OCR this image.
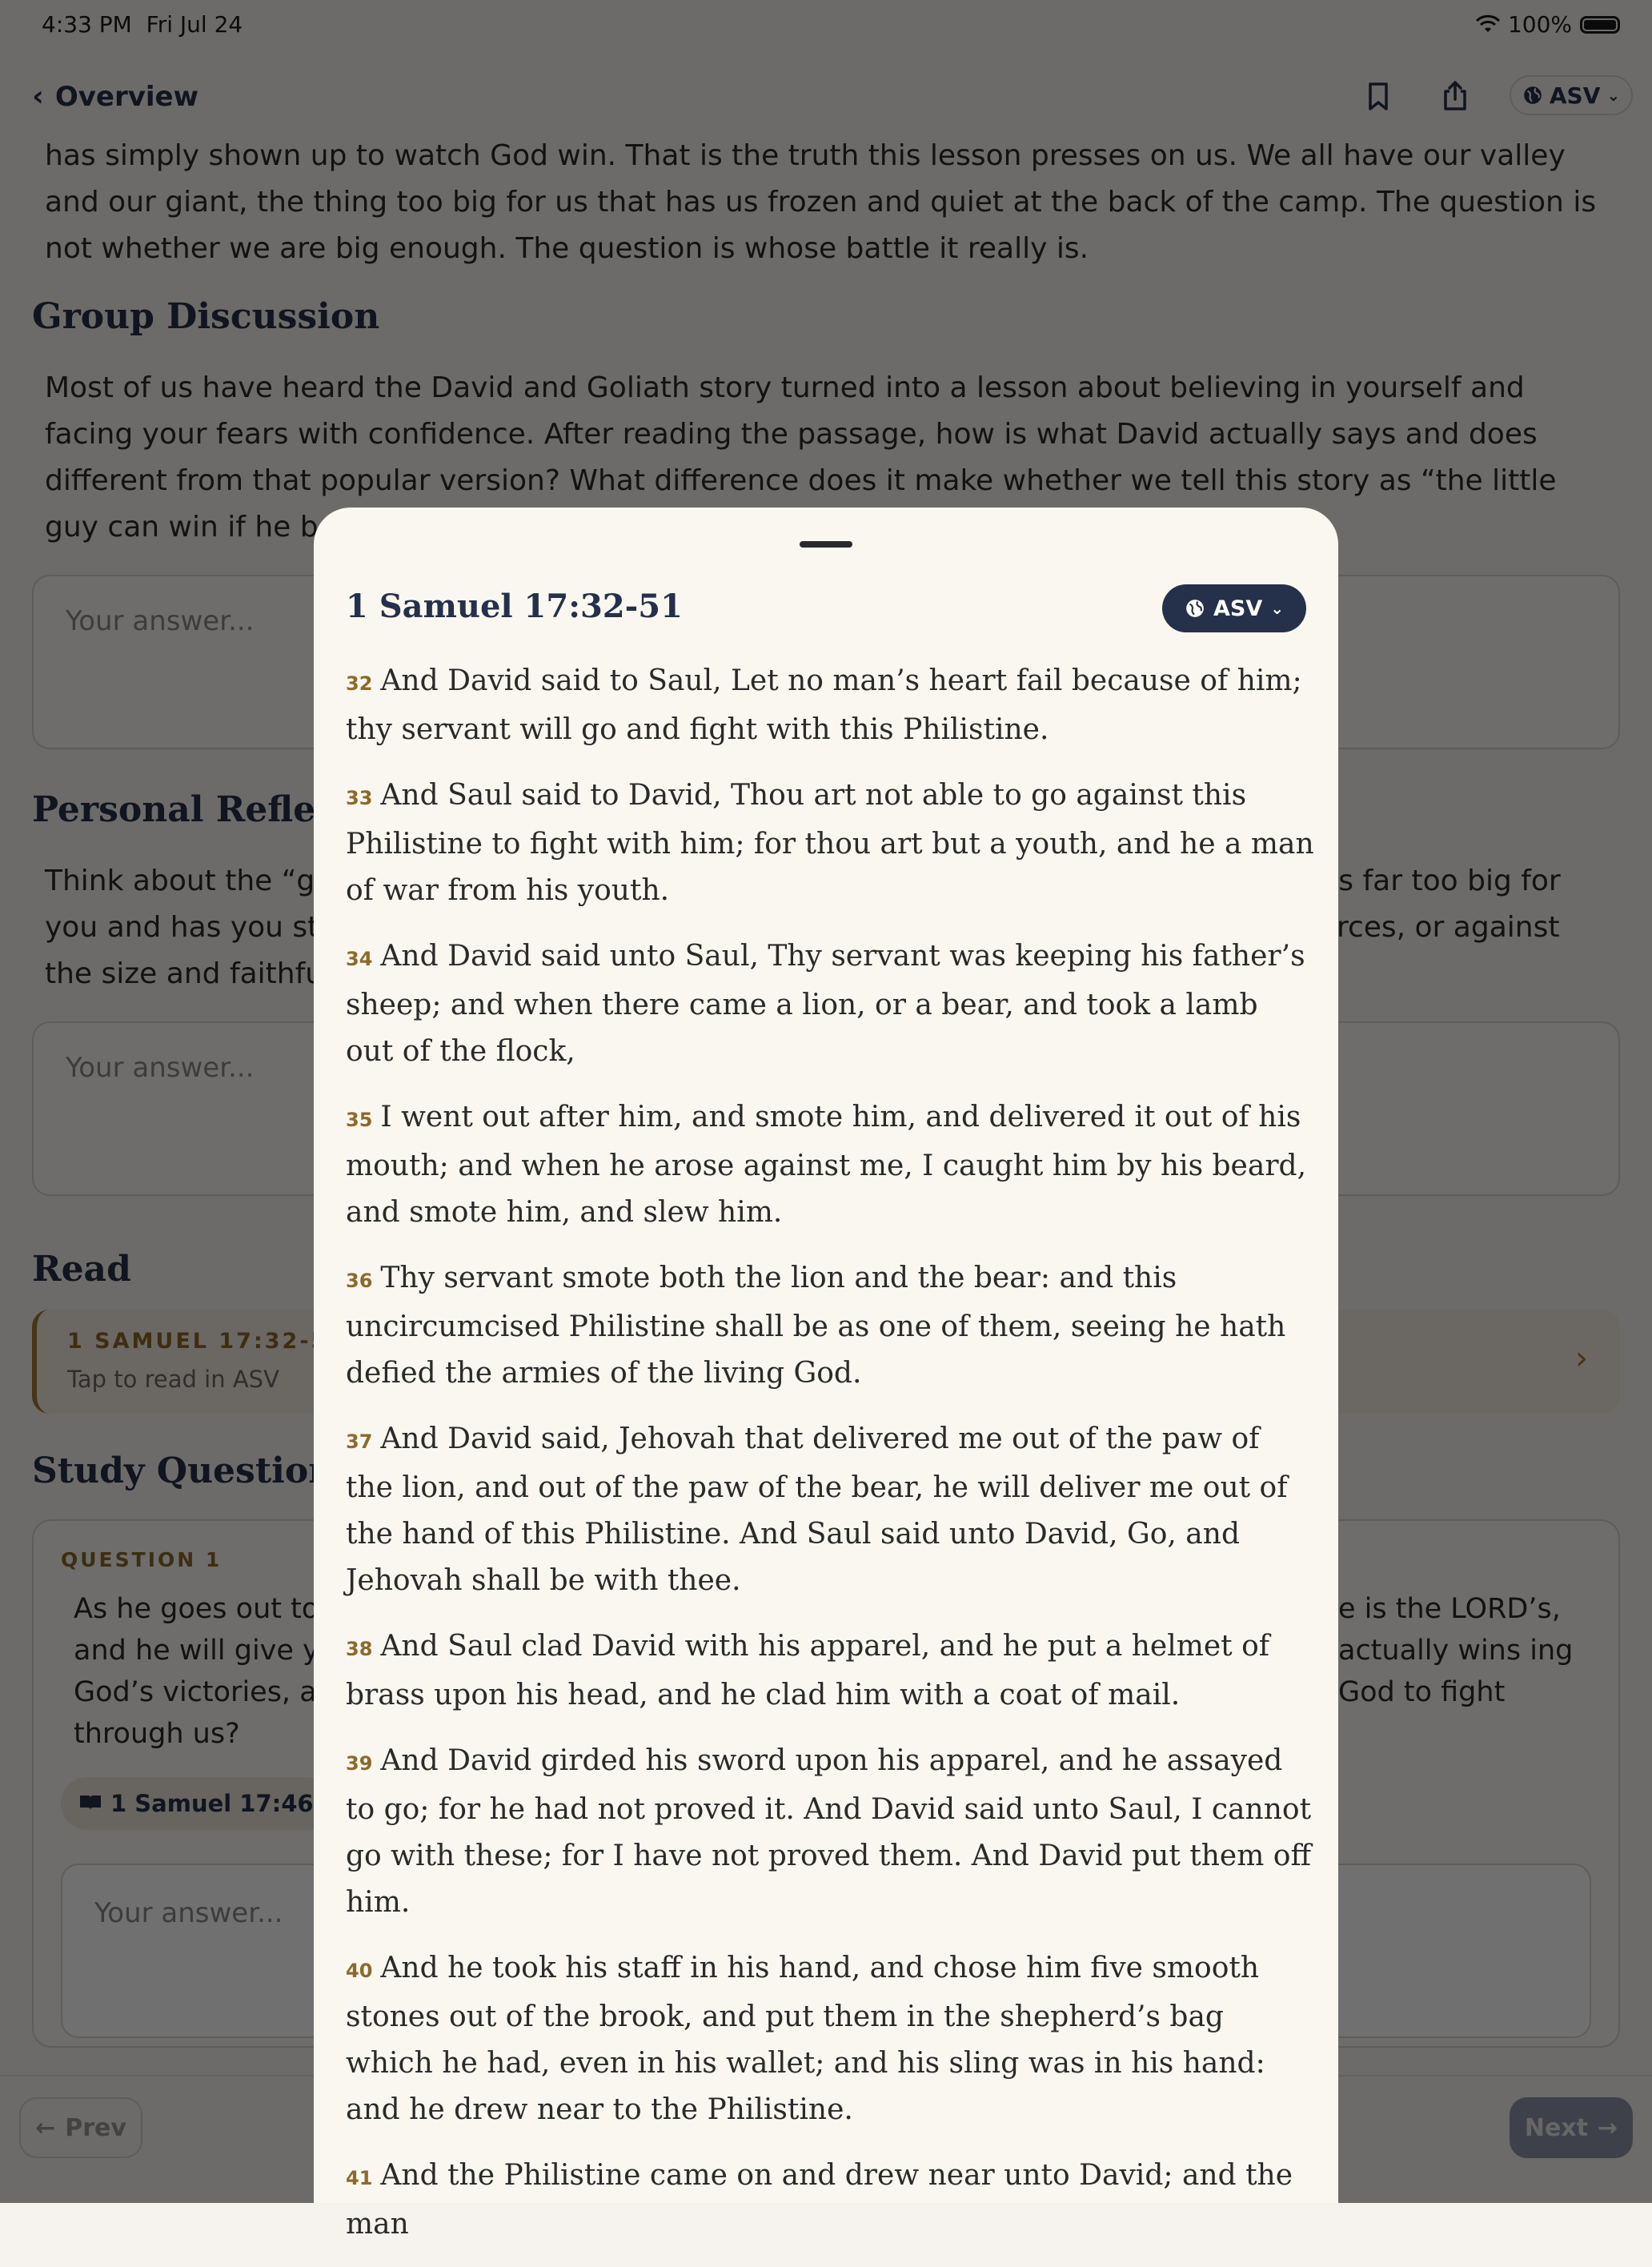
1 Samuel 17:32-51	ASV ⌄

32 And David said to Saul, Let no man’s heart fail because of him; thy servant will go and fight with this Philistine.

33 And Saul said to David, Thou art not able to go against this Philistine to fight with him; for thou art but a youth, and he a man of war from his youth.

34 And David said unto Saul, Thy servant was keeping his father’s sheep; and when there came a lion, or a bear, and took a lamb out of the flock,

35 I went out after him, and smote him, and delivered it out of his mouth; and when he arose against me, I caught him by his beard, and smote him, and slew him.

36 Thy servant smote both the lion and the bear: and this uncircumcised Philistine shall be as one of them, seeing he hath defied the armies of the living God.

37 And David said, Jehovah that delivered me out of the paw of the lion, and out of the paw of the bear, he will deliver me out of the hand of this Philistine. And Saul said unto David, Go, and Jehovah shall be with thee.

38 And Saul clad David with his apparel, and he put a helmet of brass upon his head, and he clad him with a coat of mail.

39 And David girded his sword upon his apparel, and he assayed to go; for he had not proved it. And David said unto Saul, I cannot go with these; for I have not proved them. And David put them off him.

40 And he took his staff in his hand, and chose him five smooth stones out of the brook, and put them in the shepherd’s bag which he had, even in his wallet; and his sling was in his hand: and he drew near to the Philistine.

41 And the Philistine came on and drew near unto David; and the man
